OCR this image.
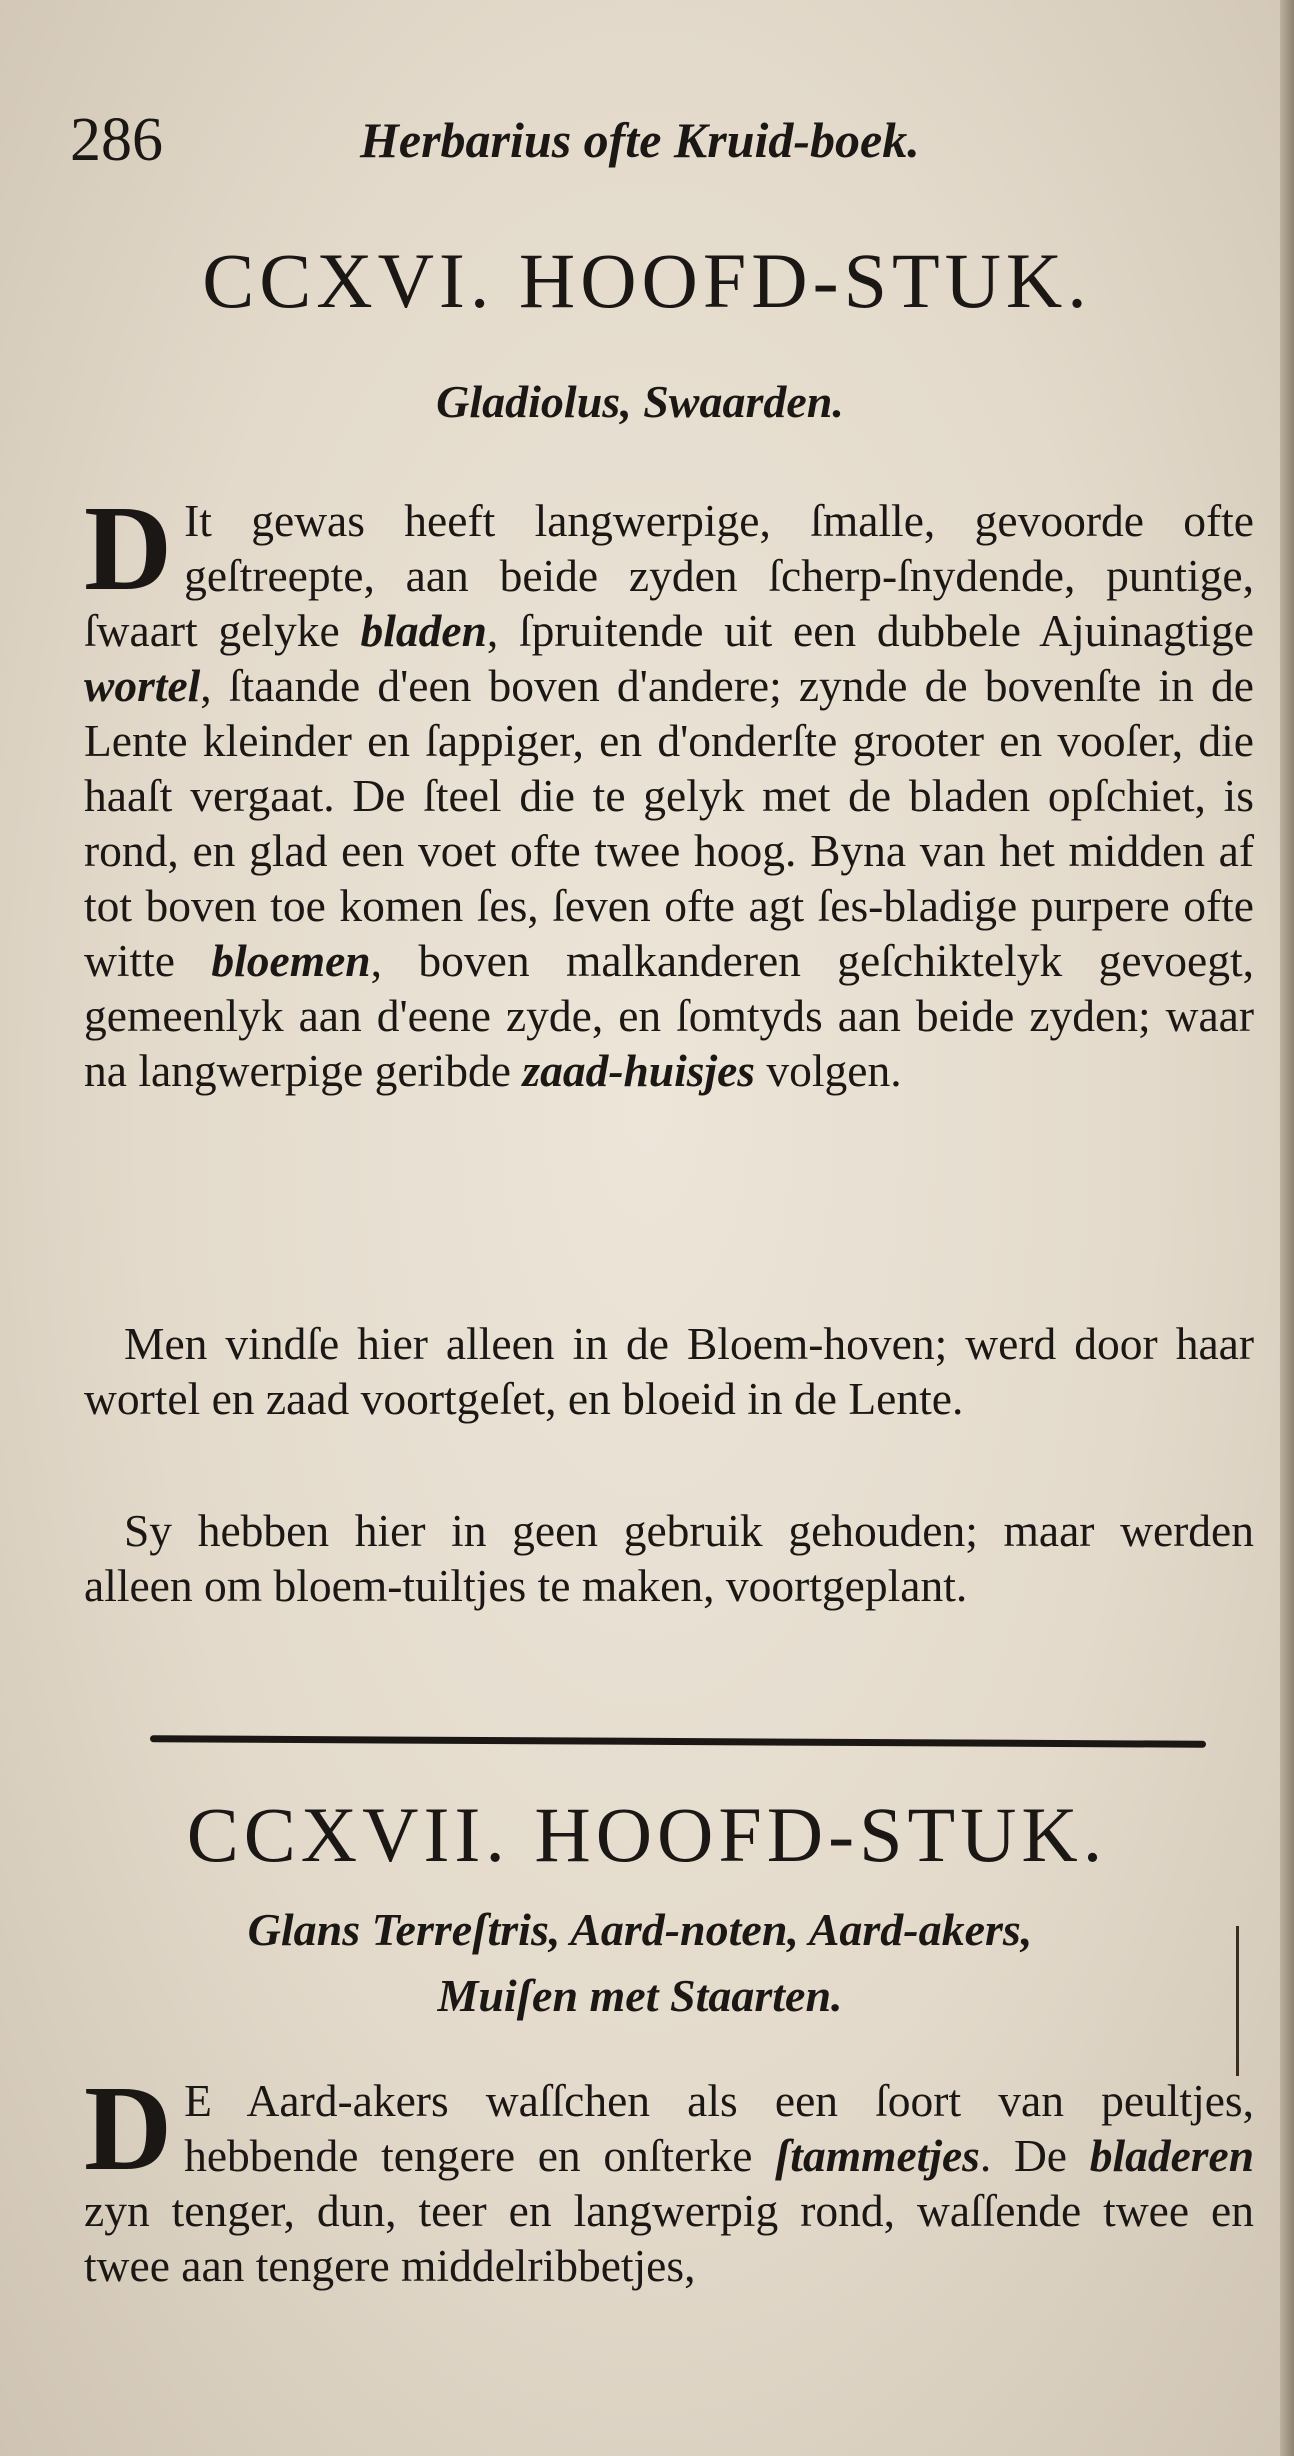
286	Herbarius ofte Kruid-boek.
CCXVI. HOOFD-STUK.
Gladiolus, Swaarden.
D It gewas heeft langwerpige, ſmalle, gevoorde ofte geſtreepte, aan beide zyden ſcherp-ſnydende, puntige, ſwaart gelyke bladen, ſpruitende uit een dubbele Ajuinagtige wortel, ſtaande d'een boven d'andere; zynde de bovenſte in de Lente kleinder en ſappiger, en d'onderſte grooter en vooſer, die haaſt vergaat. De ſteel die te gelyk met de bladen opſchiet, is rond, en glad een voet ofte twee hoog. Byna van het midden af tot boven toe komen ſes, ſeven ofte agt ſes-bladige purpere ofte witte bloemen, boven malkanderen geſchiktelyk gevoegt, gemeenlyk aan d'eene zyde, en ſomtyds aan beide zyden; waar na langwerpige geribde zaad-huisjes volgen.
Men vindſe hier alleen in de Bloem-hoven; werd door haar wortel en zaad voortgeſet, en bloeid in de Lente.
Sy hebben hier in geen gebruik gehouden; maar werden alleen om bloem-tuiltjes te maken, voortgeplant.
CCXVII. HOOFD-STUK.
Glans Terreſtris, Aard-noten, Aard-akers,
Muiſen met Staarten.
D E Aard-akers waſſchen als een ſoort van peultjes, hebbende tengere en onſterke ſtammetjes. De bladeren zyn tenger, dun, teer en langwerpig rond, waſſende twee en twee aan tengere middelribbetjes,
